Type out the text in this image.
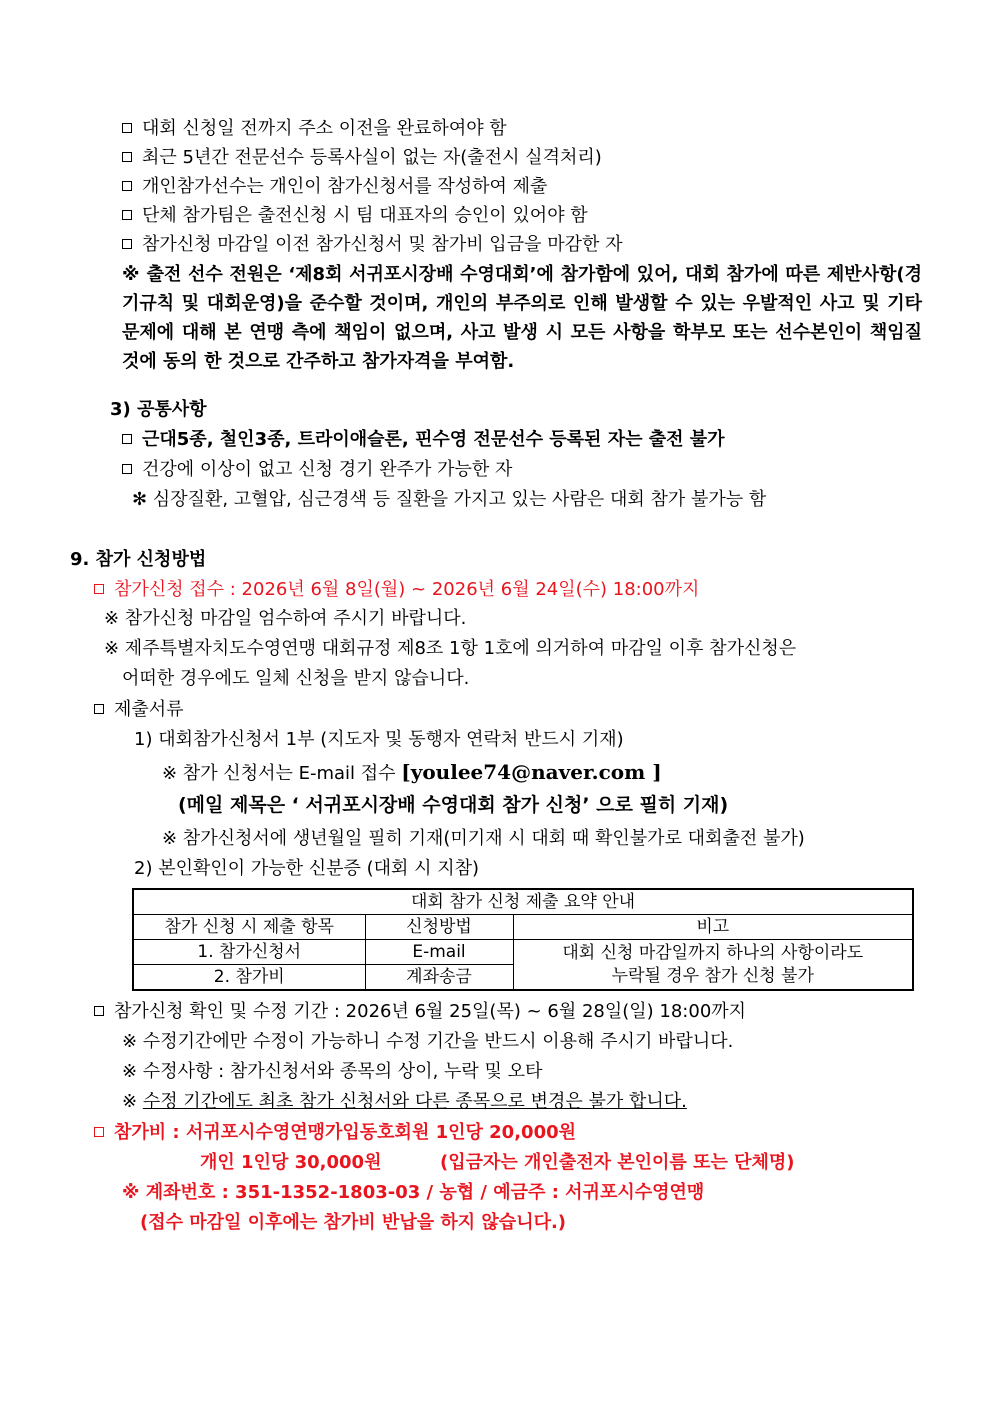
대회 신청일 전까지 주소 이전을 완료하여야 함
최근 5년간 전문선수 등록사실이 없는 자(출전시 실격처리)
개인참가선수는 개인이 참가신청서를 작성하여 제출
단체 참가팀은 출전신청 시 팀 대표자의 승인이 있어야 함
참가신청 마감일 이전 참가신청서 및 참가비 입금을 마감한 자
※ 출전 선수 전원은 ‘제8회 서귀포시장배 수영대회’에 참가함에 있어, 대회 참가에 따른 제반사항(경기규칙 및 대회운영)을 준수할 것이며, 개인의 부주의로 인해 발생할 수 있는 우발적인 사고 및 기타 문제에 대해 본 연맹 측에 책임이 없으며, 사고 발생 시 모든 사항을 학부모 또는 선수본인이 책임질 것에 동의 한 것으로 간주하고 참가자격을 부여함.
3) 공통사항
근대5종, 철인3종, 트라이애슬론, 핀수영 전문선수 등록된 자는 출전 불가
건강에 이상이 없고 신청 경기 완주가 가능한 자
✻ 심장질환, 고혈압, 심근경색 등 질환을 가지고 있는 사람은 대회 참가 불가능 함
9. 참가 신청방법
참가신청 접수 : 2026년 6월 8일(월) ~ 2026년 6월 24일(수) 18:00까지
※ 참가신청 마감일 엄수하여 주시기 바랍니다.
※ 제주특별자치도수영연맹 대회규정 제8조 1항 1호에 의거하여 마감일 이후 참가신청은
어떠한 경우에도 일체 신청을 받지 않습니다.
제출서류
1) 대회참가신청서 1부 (지도자 및 동행자 연락처 반드시 기재)
※ 참가 신청서는 E-mail 접수 [youlee74@naver.com ]
(메일 제목은 ‘ 서귀포시장배 수영대회 참가 신청’ 으로 필히 기재)
※ 참가신청서에 생년월일 필히 기재(미기재 시 대회 때 확인불가로 대회출전 불가)
2) 본인확인이 가능한 신분증 (대회 시 지참)
대회 참가 신청 제출 요약 안내		
참가 신청 시 제출 항목	신청방법	비고
1. 참가신청서	E-mail	대회 신청 마감일까지 하나의 사항이라도
누락될 경우 참가 신청 불가

2. 참가비	계좌송금	
참가신청 확인 및 수정 기간 : 2026년 6월 25일(목) ~ 6월 28일(일) 18:00까지
※ 수정기간에만 수정이 가능하니 수정 기간을 반드시 이용해 주시기 바랍니다.
※ 수정사항 : 참가신청서와 종목의 상이, 누락 및 오타
※ 수정 기간에도 최초 참가 신청서와 다른 종목으로 변경은 불가 합니다.
참가비 : 서귀포시수영연맹가입동호회원 1인당 20,000원
개인 1인당 30,000원	(입금자는 개인출전자 본인이름 또는 단체명)
※ 계좌번호 : 351-1352-1803-03 / 농협 / 예금주 : 서귀포시수영연맹
(접수 마감일 이후에는 참가비 반납을 하지 않습니다.)
